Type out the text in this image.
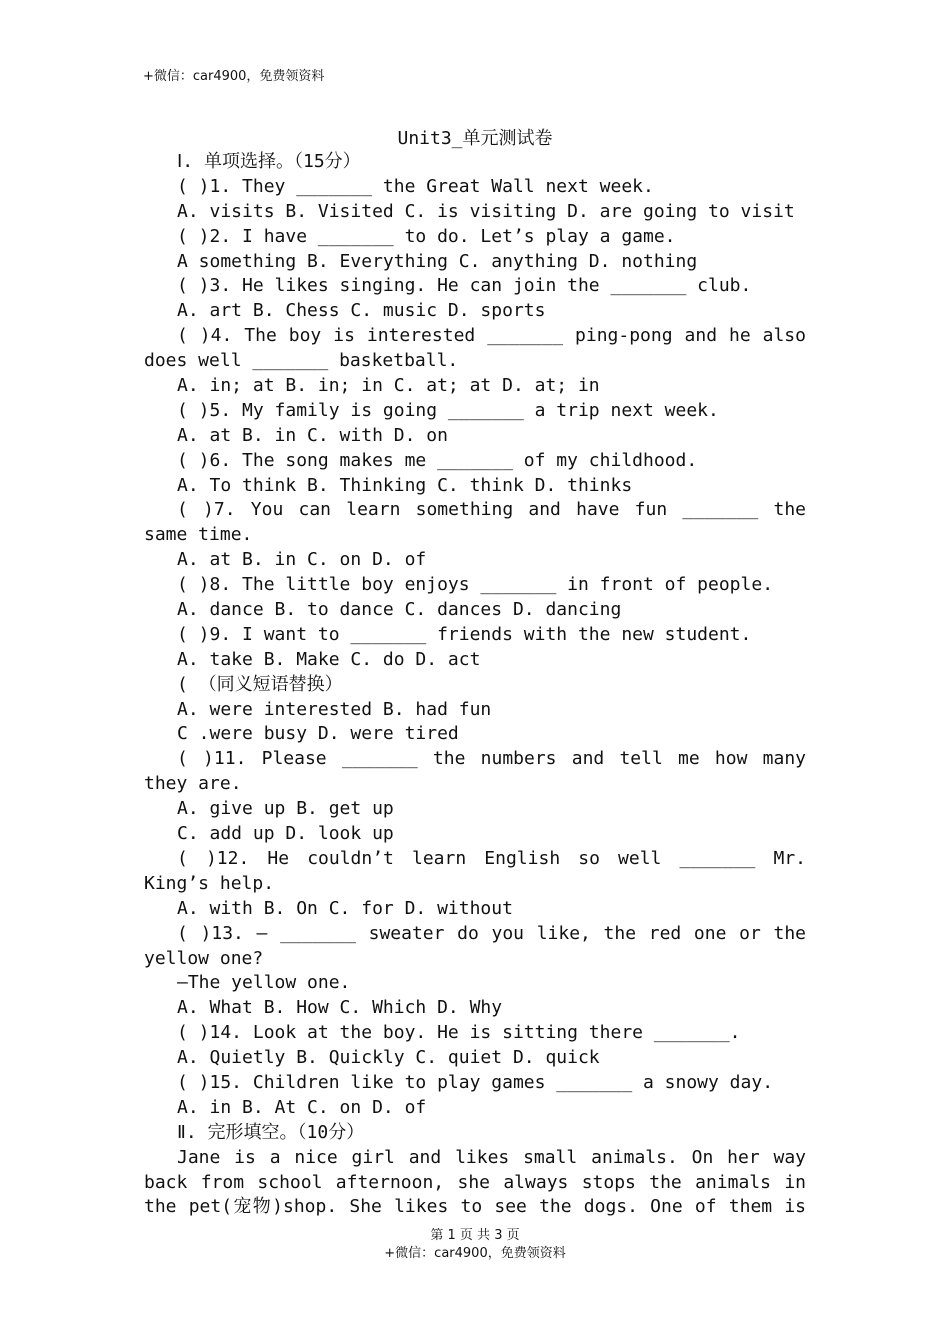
+微信：car4900，免费领资料
Unit3_单元测试卷
Ⅰ. 单项选择。（15分）
( )1. They _______ the Great Wall next week.
A. visits B. Visited C. is visiting D. are going to visit
( )2. I have _______ to do. Let’s play a game.
A something B. Everything C. anything D. nothing
( )3. He likes singing. He can join the _______ club.
A. art B. Chess C. music D. sports
( )4. The boy is interested _______ ping-pong and he also
does well _______ basketball.
A. in; at B. in; in C. at; at D. at; in
( )5. My family is going _______ a trip next week.
A. at B. in C. with D. on
( )6. The song makes me _______ of my childhood.
A. To think B. Thinking C. think D. thinks
( )7. You can learn something and have fun _______ the
same time.
A. at B. in C. on D. of
( )8. The little boy enjoys _______ in front of people.
A. dance B. to dance C. dances D. dancing
( )9. I want to _______ friends with the new student.
A. take B. Make C. do D. act
( （同义短语替换）
A. were interested B. had fun
C .were busy D. were tired
( )11. Please _______ the numbers and tell me how many
they are.
A. give up B. get up
C. add up D. look up
( )12. He couldn’t learn English so well _______ Mr.
King’s help.
A. with B. On C. for D. without
( )13. — _______ sweater do you like, the red one or the
yellow one?
—The yellow one.
A. What B. How C. Which D. Why
( )14. Look at the boy. He is sitting there _______.
A. Quietly B. Quickly C. quiet D. quick
( )15. Children like to play games _______ a snowy day.
A. in B. At C. on D. of
Ⅱ. 完形填空。（10分）
Jane is a nice girl and likes small animals. On her way
back from school afternoon, she always stops the animals in
the pet(宠物)shop. She likes to see the dogs. One of them is
第 1 页 共 3 页
+微信：car4900，免费领资料
